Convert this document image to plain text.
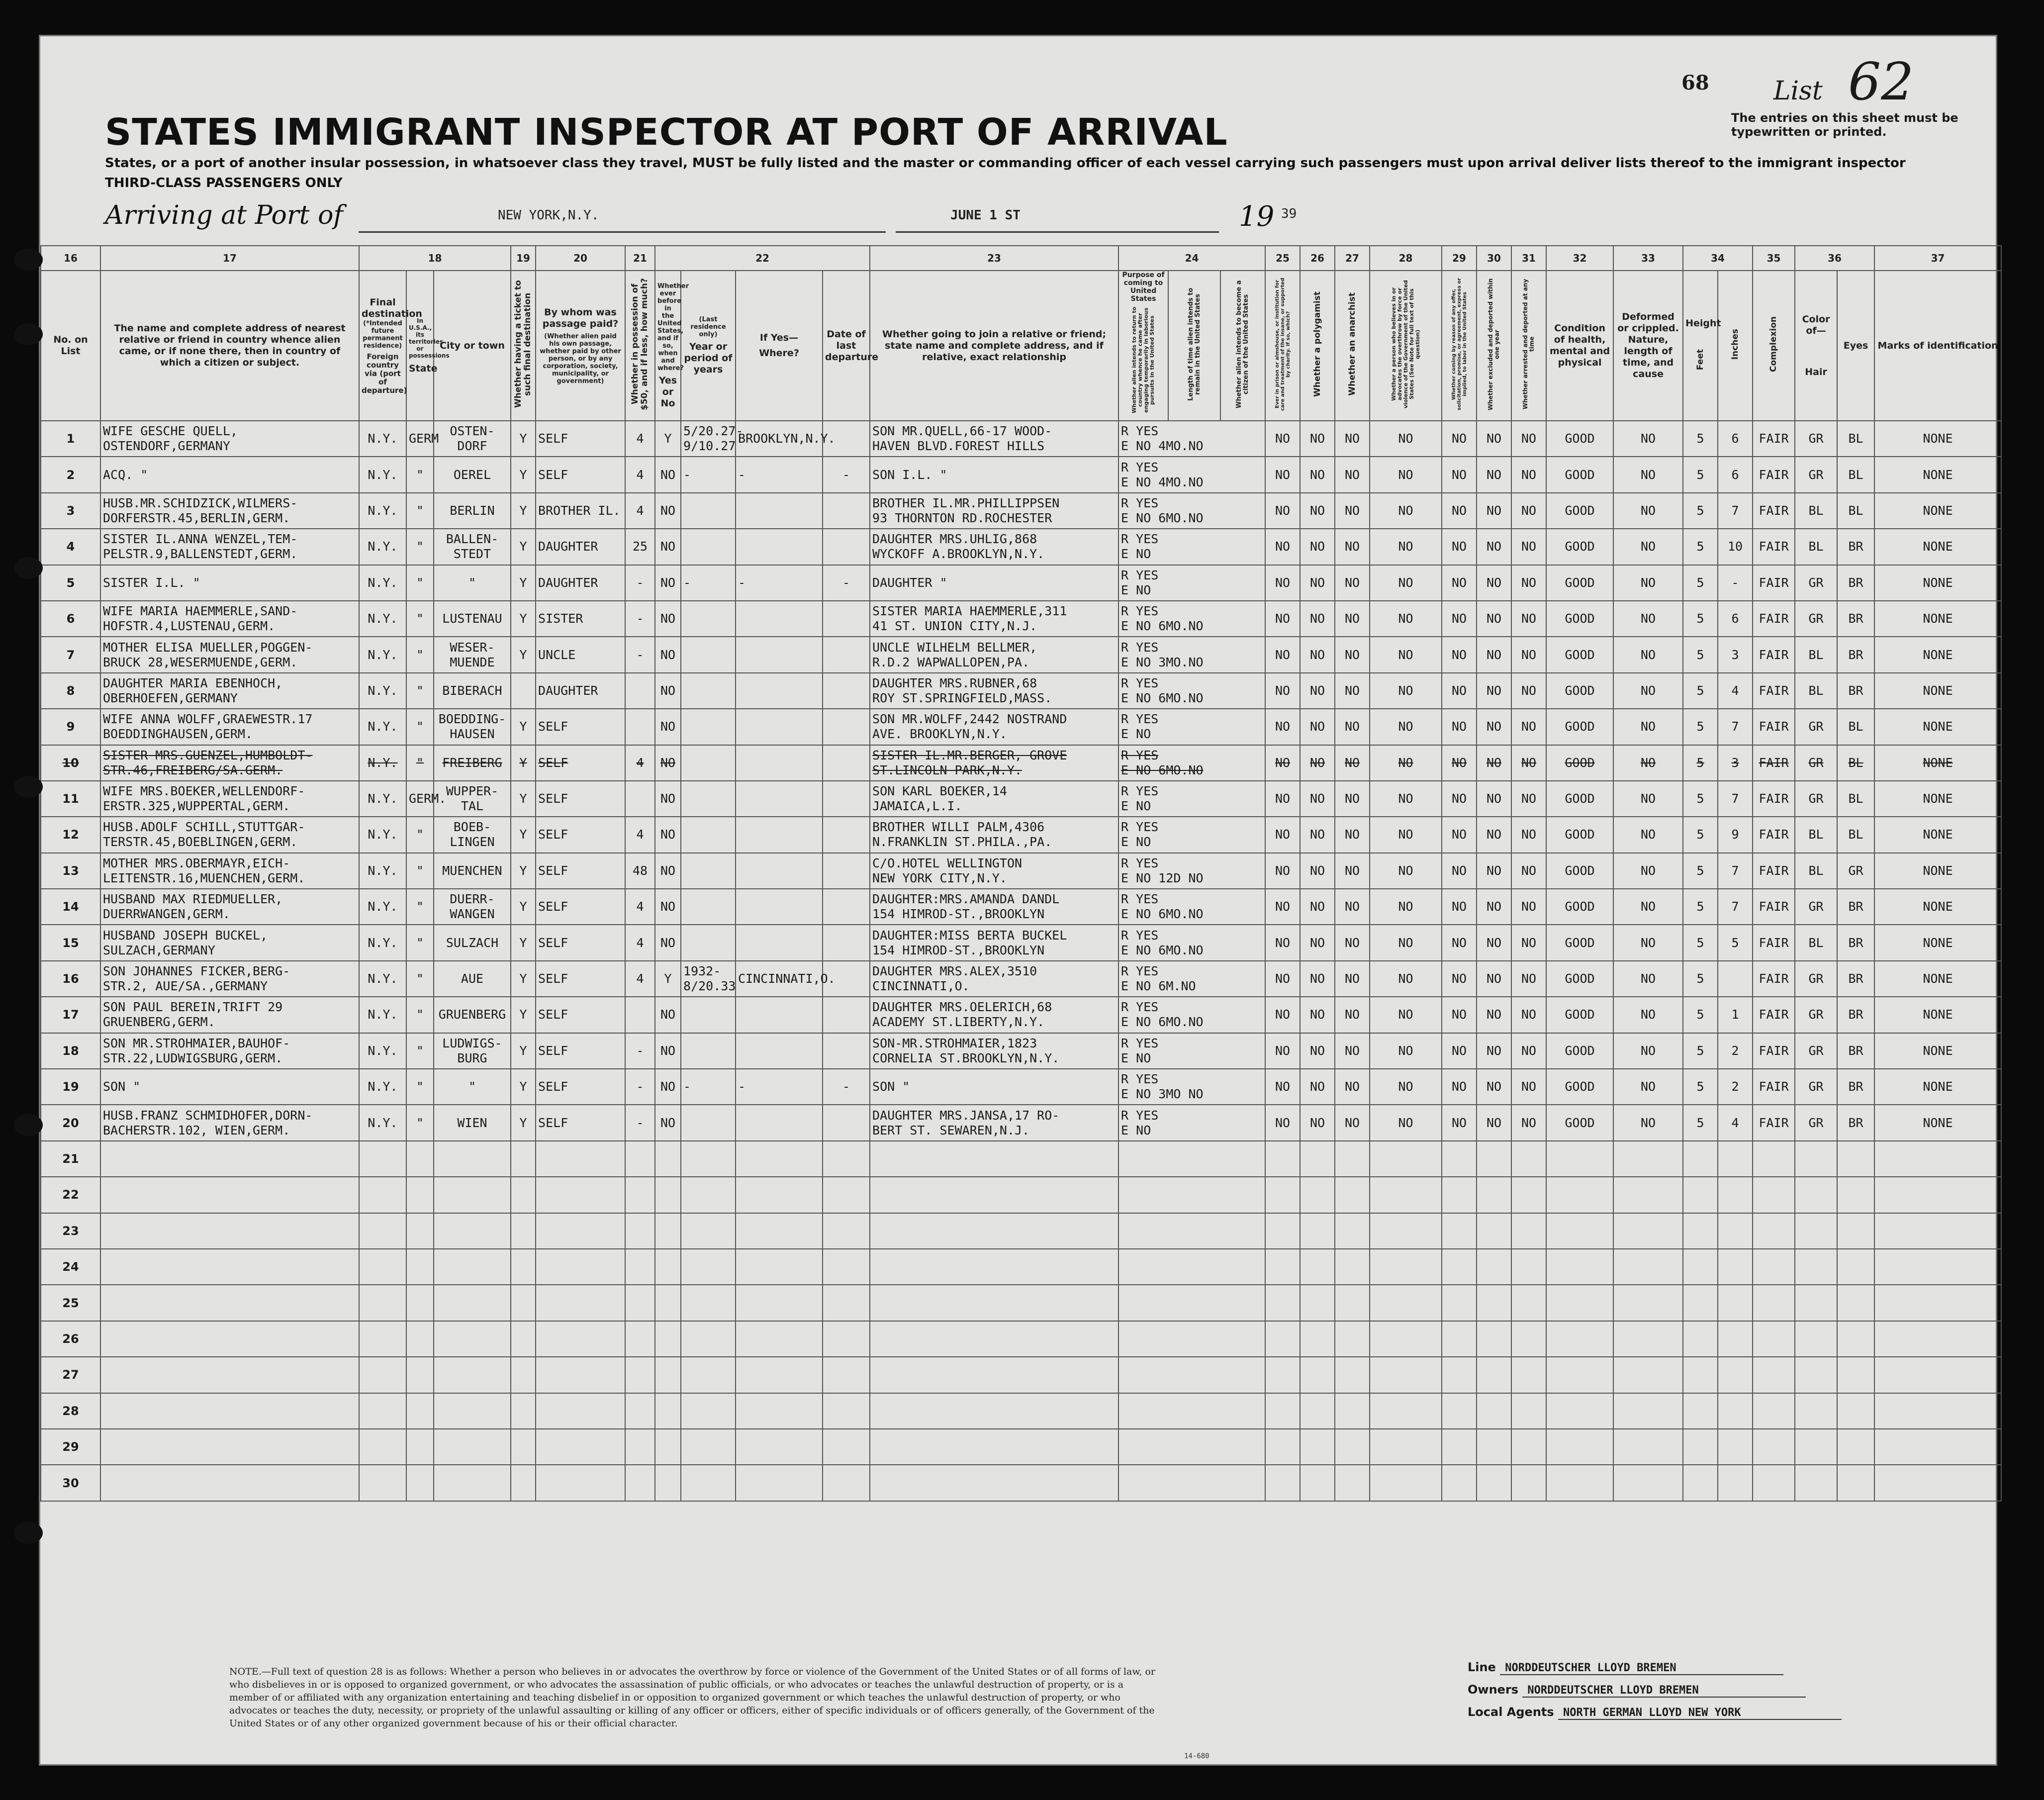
68 List 62
The entries on this sheet must be typewritten or printed.
STATES IMMIGRANT INSPECTOR AT PORT OF ARRIVAL
States, or a port of another insular possession, in whatsoever class they travel, MUST be fully listed and the master or commanding officer of each vessel carrying such passengers must upon arrival deliver lists thereof to the immigrant inspector
THIRD-CLASS PASSENGERS ONLY
Arriving at Port of	NEW YORK,N.Y.	JUNE 1 ST	19 39
16	17	18			19	20	21	22				23	24			25	26	27	28	29	30	31	32	33	34		35	36		37
No. on List	The name and complete address of nearest relative or friend in country whence alien came, or if none there, then in country of which a citizen or subject.	Final destination
(*Intended future permanent residence)
Foreign country via (port of departure)	In U.S.A., its territories or possessions
State	City or town	Whether having a ticket to such final destination	By whom was passage paid?
(Whether alien paid his own passage, whether paid by other person, or by any corporation, society, municipality, or government)	Whether in possession of $50, and if less, how much?	Whether ever before in the United States, and if so, when and where?
Yes or No	(Last residence only)
Year or period of years	If Yes—
Where?	Date of last departure	Whether going to join a relative or friend; state name and complete address, and if relative, exact relationship	Purpose of coming to United States
Whether alien intends to return to country whence he came after engaging temporarily in laborious pursuits in the United States	Length of time alien intends to remain in the United States	Whether alien intends to become a citizen of the United States	Ever in prison or almshouse, or institution for care and treatment of the insane, or supported by charity. If so, which?	Whether a polygamist	Whether an anarchist	Whether a person who believes in or advocates the overthrow by force or violence of the Government of the United States (See Note for full text of this question)	Whether coming by reason of any offer, solicitation, promise, or agreement, express or implied, to labor in the United States	Whether excluded and deported within one year	Whether arrested and deported at any time	Condition of health, mental and physical	Deformed or crippled. Nature, length of time, and cause	Height
Feet	Inches	Complexion	Color of—
Hair	Eyes	Marks of identification
1	WIFE GESCHE QUELL,
OSTENDORF,GERMANY	N.Y.	GERM	OSTEN- DORF	Y	SELF	4	Y	5/20.27-9/10.27	BROOKLYN,N.Y.		SON MR.QUELL,66-17 WOOD-
HAVEN BLVD.FOREST HILLS	R YES
E NO 4MO.NO			NO	NO	NO	NO	NO	NO	NO	GOOD	NO	5	6	FAIR	GR	BL	NONE
2	ACQ. "	N.Y.	"	OEREL	Y	SELF	4	NO	-	-	-	SON I.L. "	R YES
E NO 4MO.NO			NO	NO	NO	NO	NO	NO	NO	GOOD	NO	5	6	FAIR	GR	BL	NONE
3	HUSB.MR.SCHIDZICK,WILMERS-
DORFERSTR.45,BERLIN,GERM.	N.Y.	"	BERLIN	Y	BROTHER IL.	4	NO				BROTHER IL.MR.PHILLIPPSEN
93 THORNTON RD.ROCHESTER	R YES
E NO 6MO.NO			NO	NO	NO	NO	NO	NO	NO	GOOD	NO	5	7	FAIR	BL	BL	NONE
4	SISTER IL.ANNA WENZEL,TEM-
PELSTR.9,BALLENSTEDT,GERM.	N.Y.	"	BALLEN- STEDT	Y	DAUGHTER	25	NO				DAUGHTER MRS.UHLIG,868
WYCKOFF A.BROOKLYN,N.Y.	R YES
E NO			NO	NO	NO	NO	NO	NO	NO	GOOD	NO	5	10	FAIR	BL	BR	NONE
5	SISTER I.L. "	N.Y.	"	"	Y	DAUGHTER	-	NO	-	-	-	DAUGHTER "	R YES
E NO			NO	NO	NO	NO	NO	NO	NO	GOOD	NO	5	-	FAIR	GR	BR	NONE
6	WIFE MARIA HAEMMERLE,SAND-
HOFSTR.4,LUSTENAU,GERM.	N.Y.	"	LUSTENAU	Y	SISTER	-	NO				SISTER MARIA HAEMMERLE,311
41 ST. UNION CITY,N.J.	R YES
E NO 6MO.NO			NO	NO	NO	NO	NO	NO	NO	GOOD	NO	5	6	FAIR	GR	BR	NONE
7	MOTHER ELISA MUELLER,POGGEN-
BRUCK 28,WESERMUENDE,GERM.	N.Y.	"	WESER- MUENDE	Y	UNCLE	-	NO				UNCLE WILHELM BELLMER,
R.D.2 WAPWALLOPEN,PA.	R YES
E NO 3MO.NO			NO	NO	NO	NO	NO	NO	NO	GOOD	NO	5	3	FAIR	BL	BR	NONE
8	DAUGHTER MARIA EBENHOCH,
OBERHOEFEN,GERMANY	N.Y.	"	BIBERACH		DAUGHTER		NO				DAUGHTER MRS.RUBNER,68
ROY ST.SPRINGFIELD,MASS.	R YES
E NO 6MO.NO			NO	NO	NO	NO	NO	NO	NO	GOOD	NO	5	4	FAIR	BL	BR	NONE
9	WIFE ANNA WOLFF,GRAEWESTR.17
BOEDDINGHAUSEN,GERM.	N.Y.	"	BOEDDING- HAUSEN	Y	SELF		NO				SON MR.WOLFF,2442 NOSTRAND
AVE. BROOKLYN,N.Y.	R YES
E NO			NO	NO	NO	NO	NO	NO	NO	GOOD	NO	5	7	FAIR	GR	BL	NONE
10	SISTER MRS.GUENZEL,HUMBOLDT-
STR.46,FREIBERG/SA.GERM.	N.Y.	"	FREIBERG	Y	SELF	4	NO				SISTER IL.MR.BERGER, GROVE
ST.LINCOLN PARK,N.Y.	R YES
E NO 6MO.NO			NO	NO	NO	NO	NO	NO	NO	GOOD	NO	5	3	FAIR	GR	BL	NONE
11	WIFE MRS.BOEKER,WELLENDORF-
ERSTR.325,WUPPERTAL,GERM.	N.Y.	GERM.	WUPPER- TAL	Y	SELF		NO				SON KARL BOEKER,14
JAMAICA,L.I.	R YES
E NO			NO	NO	NO	NO	NO	NO	NO	GOOD	NO	5	7	FAIR	GR	BL	NONE
12	HUSB.ADOLF SCHILL,STUTTGAR-
TERSTR.45,BOEBLINGEN,GERM.	N.Y.	"	BOEB- LINGEN	Y	SELF	4	NO				BROTHER WILLI PALM,4306
N.FRANKLIN ST.PHILA.,PA.	R YES
E NO			NO	NO	NO	NO	NO	NO	NO	GOOD	NO	5	9	FAIR	BL	BL	NONE
13	MOTHER MRS.OBERMAYR,EICH-
LEITENSTR.16,MUENCHEN,GERM.	N.Y.	"	MUENCHEN	Y	SELF	48	NO				C/O.HOTEL WELLINGTON
NEW YORK CITY,N.Y.	R YES
E NO 12D NO			NO	NO	NO	NO	NO	NO	NO	GOOD	NO	5	7	FAIR	BL	GR	NONE
14	HUSBAND MAX RIEDMUELLER,
DUERRWANGEN,GERM.	N.Y.	"	DUERR- WANGEN	Y	SELF	4	NO				DAUGHTER:MRS.AMANDA DANDL
154 HIMROD-ST.,BROOKLYN	R YES
E NO 6MO.NO			NO	NO	NO	NO	NO	NO	NO	GOOD	NO	5	7	FAIR	GR	BR	NONE
15	HUSBAND JOSEPH BUCKEL,
SULZACH,GERMANY	N.Y.	"	SULZACH	Y	SELF	4	NO				DAUGHTER:MISS BERTA BUCKEL
154 HIMROD-ST.,BROOKLYN	R YES
E NO 6MO.NO			NO	NO	NO	NO	NO	NO	NO	GOOD	NO	5	5	FAIR	BL	BR	NONE
16	SON JOHANNES FICKER,BERG-
STR.2, AUE/SA.,GERMANY	N.Y.	"	AUE	Y	SELF	4	Y	1932-8/20.33	CINCINNATI,O.		DAUGHTER MRS.ALEX,3510
CINCINNATI,O.	R YES
E NO 6M.NO			NO	NO	NO	NO	NO	NO	NO	GOOD	NO	5		FAIR	GR	BR	NONE
17	SON PAUL BEREIN,TRIFT 29
GRUENBERG,GERM.	N.Y.	"	GRUENBERG	Y	SELF		NO				DAUGHTER MRS.OELERICH,68
ACADEMY ST.LIBERTY,N.Y.	R YES
E NO 6MO.NO			NO	NO	NO	NO	NO	NO	NO	GOOD	NO	5	1	FAIR	GR	BR	NONE
18	SON MR.STROHMAIER,BAUHOF-
STR.22,LUDWIGSBURG,GERM.	N.Y.	"	LUDWIGS- BURG	Y	SELF	-	NO				SON-MR.STROHMAIER,1823
CORNELIA ST.BROOKLYN,N.Y.	R YES
E NO			NO	NO	NO	NO	NO	NO	NO	GOOD	NO	5	2	FAIR	GR	BR	NONE
19	SON "	N.Y.	"	"	Y	SELF	-	NO	-	-	-	SON "	R YES
E NO 3MO NO			NO	NO	NO	NO	NO	NO	NO	GOOD	NO	5	2	FAIR	GR	BR	NONE
20	HUSB.FRANZ SCHMIDHOFER,DORN-
BACHERSTR.102, WIEN,GERM.	N.Y.	"	WIEN	Y	SELF	-	NO				DAUGHTER MRS.JANSA,17 RO-
BERT ST. SEWAREN,N.J.	R YES
E NO			NO	NO	NO	NO	NO	NO	NO	GOOD	NO	5	4	FAIR	GR	BR	NONE
21			

22			

23			

24			

25			

26			

27			

28			

29			

30			

NOTE.—Full text of question 28 is as follows: Whether a person who believes in or advocates the overthrow by force or violence of the Government of the United States or of all forms of law, or who disbelieves in or is opposed to organized government, or who advocates the assassination of public officials, or who advocates or teaches the unlawful destruction of property, or is a member of or affiliated with any organization entertaining and teaching disbelief in or opposition to organized government or which teaches the unlawful destruction of property, or who advocates or teaches the duty, necessity, or propriety of the unlawful assaulting or killing of any officer or officers, either of specific individuals or of officers generally, of the Government of the United States or of any other organized government because of his or their official character.
14-680
Line NORDDEUTSCHER LLOYD BREMEN
Owners NORDDEUTSCHER LLOYD BREMEN
Local Agents NORTH GERMAN LLOYD NEW YORK
